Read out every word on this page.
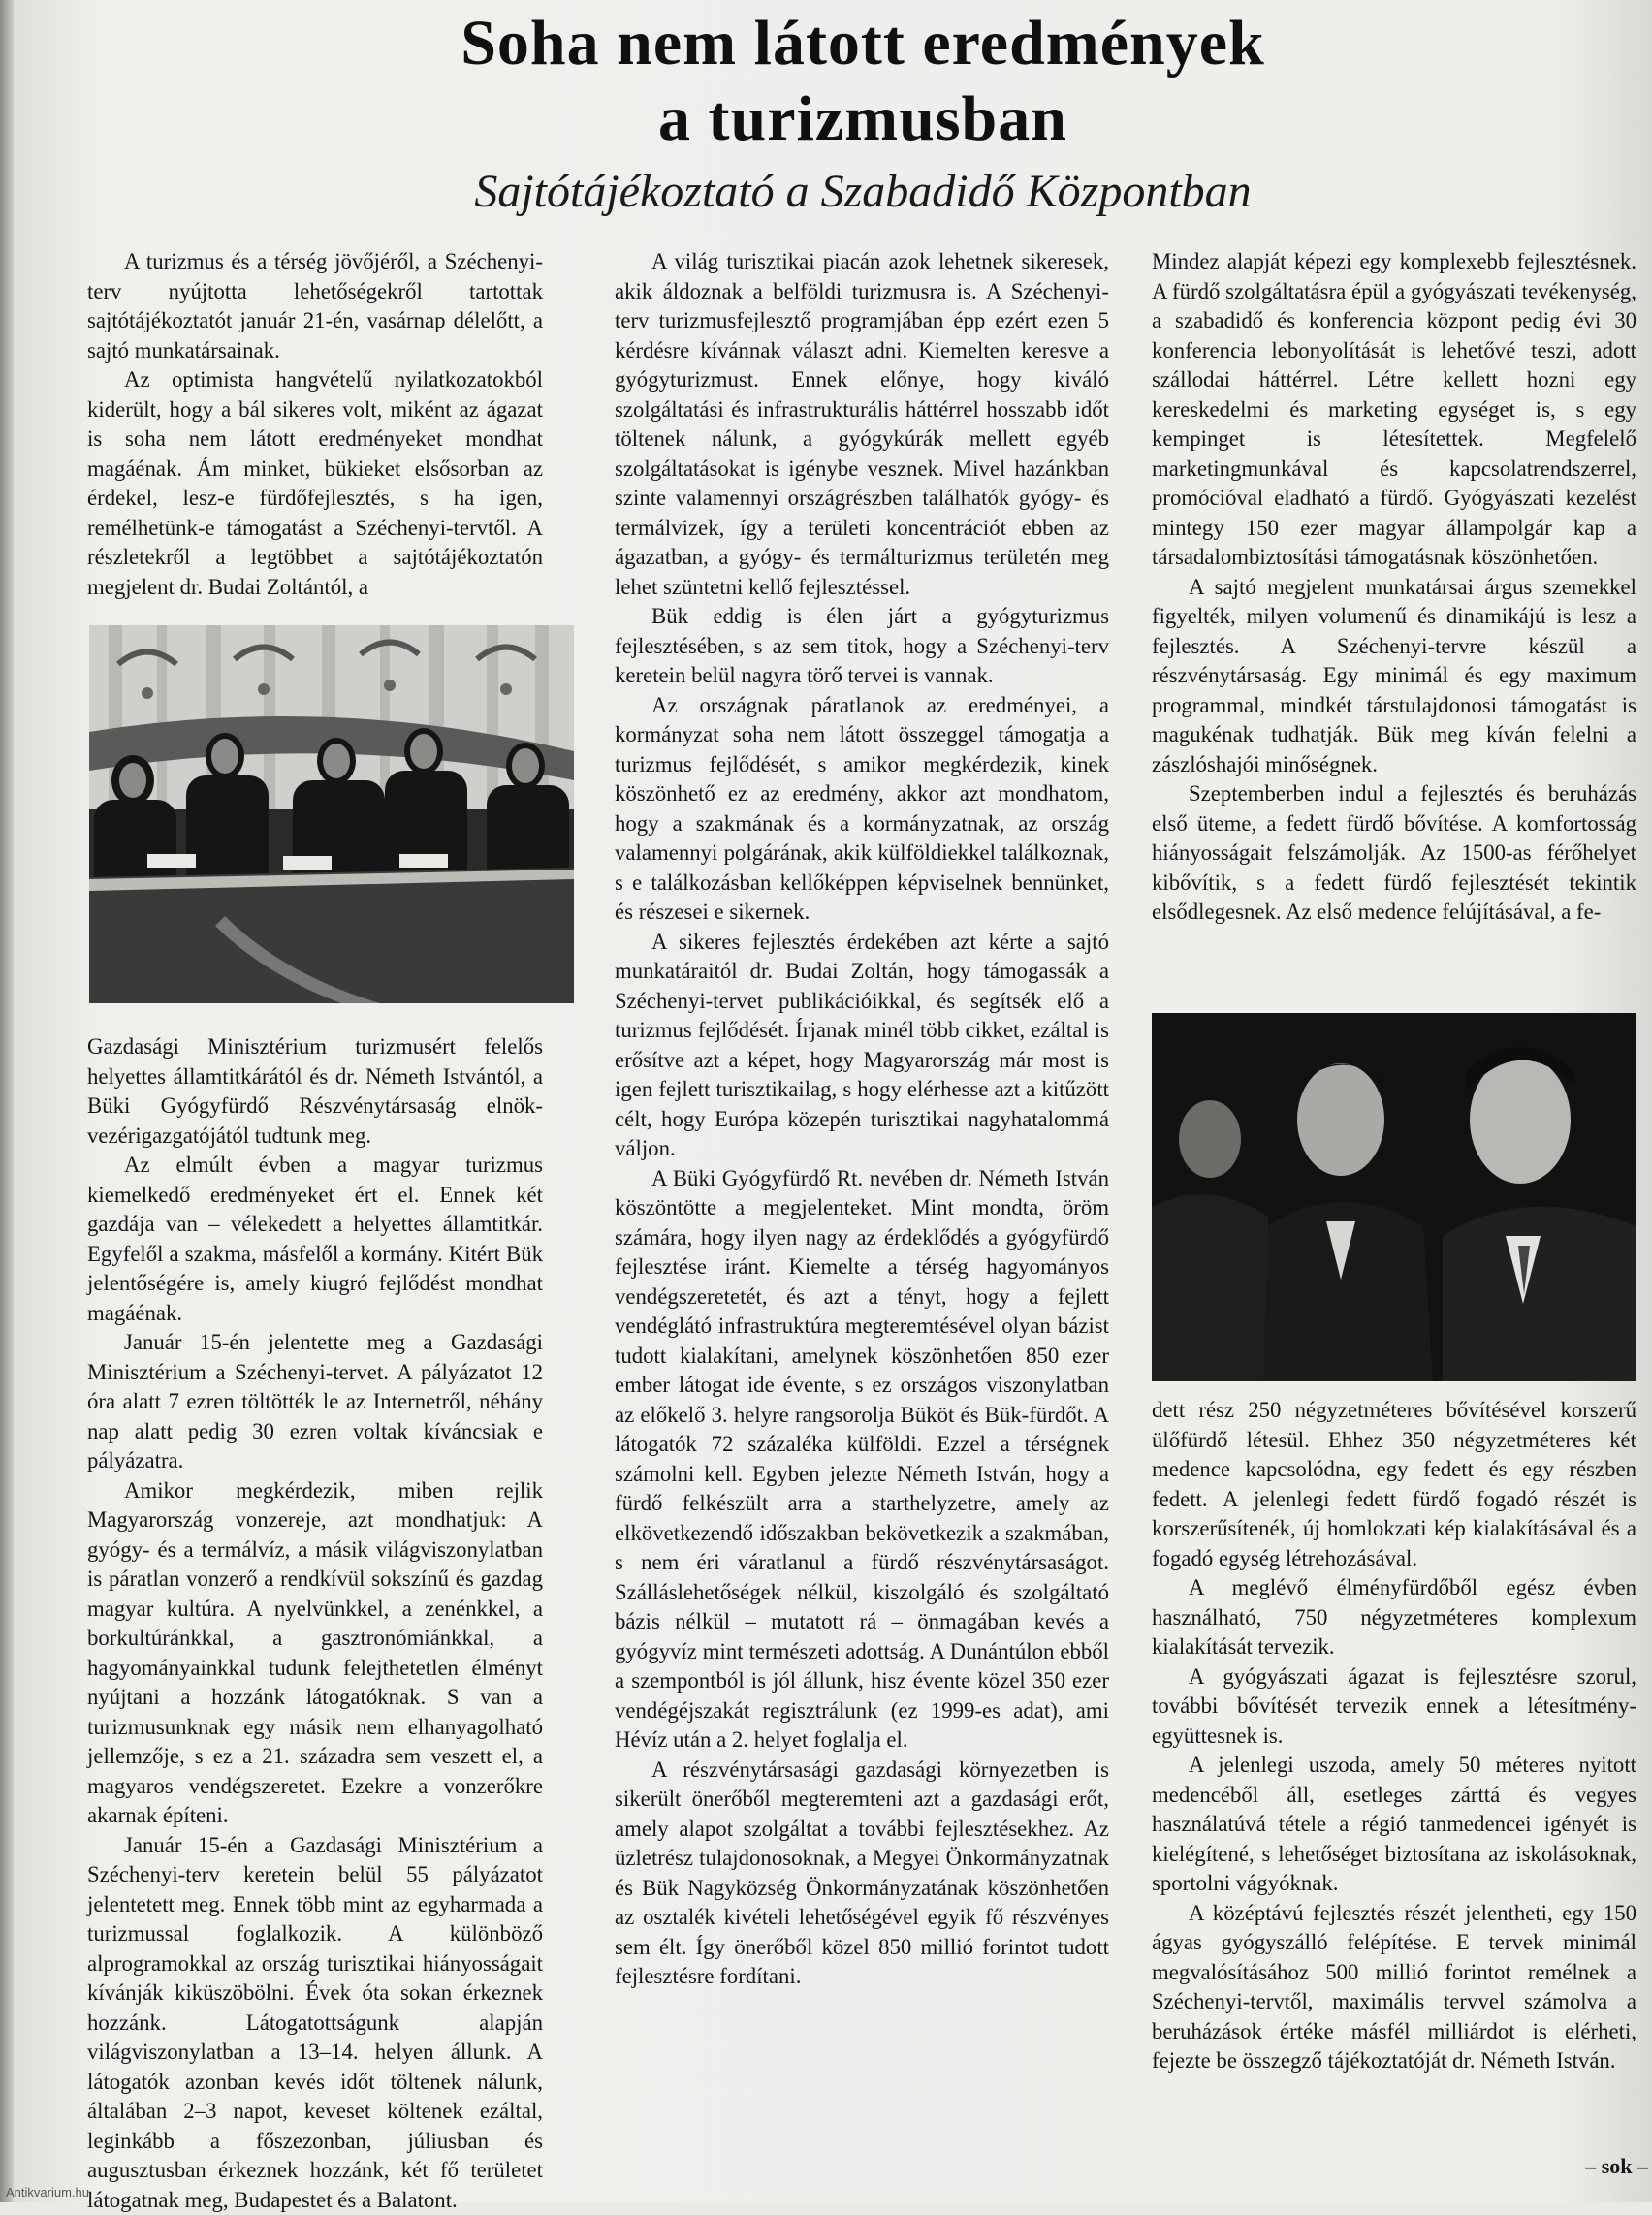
Soha nem látott eredmények
a turizmusban
Sajtótájékoztató a Szabadidő Központban

A turizmus és a térség jövőjéről, a Széchenyi-terv nyújtotta lehetőségekről tartottak sajtótájékoztatót január 21-én, vasárnap délelőtt, a sajtó munkatársainak.

Az optimista hangvételű nyilatkozatokból kiderült, hogy a bál sikeres volt, miként az ágazat is soha nem látott eredményeket mondhat magáénak. Ám minket, bükieket elsősorban az érdekel, lesz-e fürdőfejlesztés, s ha igen, remélhetünk-e támogatást a Széchenyi-tervtől. A részletekről a legtöbbet a sajtótájékoztatón megjelent dr. Budai Zoltántól, a

Gazdasági Minisztérium turizmusért felelős helyettes államtitkárától és dr. Németh Istvántól, a Büki Gyógyfürdő Részvénytársaság elnök-vezérigazgatójától tudtunk meg.

Az elmúlt évben a magyar turizmus kiemelkedő eredményeket ért el. Ennek két gazdája van – vélekedett a helyettes államtitkár. Egyfelől a szakma, másfelől a kormány. Kitért Bük jelentőségére is, amely kiugró fejlődést mondhat magáénak.

Január 15-én jelentette meg a Gazdasági Minisztérium a Széchenyi-tervet. A pályázatot 12 óra alatt 7 ezren töltötték le az Internetről, néhány nap alatt pedig 30 ezren voltak kíváncsiak e pályázatra.

Amikor megkérdezik, miben rejlik Magyarország vonzereje, azt mondhatjuk: A gyógy- és a termálvíz, a másik világviszonylatban is páratlan vonzerő a rendkívül sokszínű és gazdag magyar kultúra. A nyelvünkkel, a zenénkkel, a borkultúránkkal, a gasztronómiánkkal, a hagyományainkkal tudunk felejthetetlen élményt nyújtani a hozzánk látogatóknak. S van a turizmusunknak egy másik nem elhanyagolható jellemzője, s ez a 21. századra sem veszett el, a magyaros vendégszeretet. Ezekre a vonzerőkre akarnak építeni.

Január 15-én a Gazdasági Minisztérium a Széchenyi-terv keretein belül 55 pályázatot jelentetett meg. Ennek több mint az egyharmada a turizmussal foglalkozik. A különböző alprogramokkal az ország turisztikai hiányosságait kívánják kiküszöbölni. Évek óta sokan érkeznek hozzánk. Látogatottságunk alapján világviszonylatban a 13–14. helyen állunk. A látogatók azonban kevés időt töltenek nálunk, általában 2–3 napot, keveset költenek ezáltal, leginkább a főszezonban, júliusban és augusztusban érkeznek hozzánk, két fő területet látogatnak meg, Budapestet és a Balatont.

A világ turisztikai piacán azok lehetnek sikeresek, akik áldoznak a belföldi turizmusra is. A Széchenyi-terv turizmusfejlesztő programjában épp ezért ezen 5 kérdésre kívánnak választ adni. Kiemelten keresve a gyógyturizmust. Ennek előnye, hogy kiváló szolgáltatási és infrastrukturális háttérrel hosszabb időt töltenek nálunk, a gyógykúrák mellett egyéb szolgáltatásokat is igénybe vesznek. Mivel hazánkban szinte valamennyi országrészben találhatók gyógy- és termálvizek, így a területi koncentrációt ebben az ágazatban, a gyógy- és termálturizmus területén meg lehet szüntetni kellő fejlesztéssel.

Bük eddig is élen járt a gyógyturizmus fejlesztésében, s az sem titok, hogy a Széchenyi-terv keretein belül nagyra törő tervei is vannak.

Az országnak páratlanok az eredményei, a kormányzat soha nem látott összeggel támogatja a turizmus fejlődését, s amikor megkérdezik, kinek köszönhető ez az eredmény, akkor azt mondhatom, hogy a szakmának és a kormányzatnak, az ország valamennyi polgárának, akik külföldiekkel találkoznak, s e találkozásban kellőképpen képviselnek bennünket, és részesei e sikernek.

A sikeres fejlesztés érdekében azt kérte a sajtó munkatáraitól dr. Budai Zoltán, hogy támogassák a Széchenyi-tervet publikációikkal, és segítsék elő a turizmus fejlődését. Írjanak minél több cikket, ezáltal is erősítve azt a képet, hogy Magyarország már most is igen fejlett turisztikailag, s hogy elérhesse azt a kitűzött célt, hogy Európa közepén turisztikai nagyhatalommá váljon.

A Büki Gyógyfürdő Rt. nevében dr. Németh István köszöntötte a megjelenteket. Mint mondta, öröm számára, hogy ilyen nagy az érdeklődés a gyógyfürdő fejlesztése iránt. Kiemelte a térség hagyományos vendégszeretetét, és azt a tényt, hogy a fejlett vendéglátó infrastruktúra megteremtésével olyan bázist tudott kialakítani, amelynek köszönhetően 850 ezer ember látogat ide évente, s ez országos viszonylatban az előkelő 3. helyre rangsorolja Büköt és Bük-fürdőt. A látogatók 72 százaléka külföldi. Ezzel a térségnek számolni kell. Egyben jelezte Németh István, hogy a fürdő felkészült arra a starthelyzetre, amely az elkövetkezendő időszakban bekövetkezik a szakmában, s nem éri váratlanul a fürdő részvénytársaságot. Szálláslehetőségek nélkül, kiszolgáló és szolgáltató bázis nélkül – mutatott rá – önmagában kevés a gyógyvíz mint természeti adottság. A Dunántúlon ebből a szempontból is jól állunk, hisz évente közel 350 ezer vendégéjszakát regisztrálunk (ez 1999-es adat), ami Hévíz után a 2. helyet foglalja el.

A részvénytársasági gazdasági környezetben is sikerült önerőből megteremteni azt a gazdasági erőt, amely alapot szolgáltat a további fejlesztésekhez. Az üzletrész tulajdonosoknak, a Megyei Önkormányzatnak és Bük Nagyközség Önkormányzatának köszönhetően az osztalék kivételi lehetőségével egyik fő részvényes sem élt. Így önerőből közel 850 millió forintot tudott fejlesztésre fordítani.

Mindez alapját képezi egy komplexebb fejlesztésnek. A fürdő szolgáltatásra épül a gyógyászati tevékenység, a szabadidő és konferencia központ pedig évi 30 konferencia lebonyolítását is lehetővé teszi, adott szállodai háttérrel. Létre kellett hozni egy kereskedelmi és marketing egységet is, s egy kempinget is létesítettek. Megfelelő marketingmunkával és kapcsolatrendszerrel, promócióval eladható a fürdő. Gyógyászati kezelést mintegy 150 ezer magyar állampolgár kap a társadalombiztosítási támogatásnak köszönhetően.

A sajtó megjelent munkatársai árgus szemekkel figyelték, milyen volumenű és dinamikájú is lesz a fejlesztés. A Széchenyi-tervre készül a részvénytársaság. Egy minimál és egy maximum programmal, mindkét társtulajdonosi támogatást is magukénak tudhatják. Bük meg kíván felelni a zászlóshajói minőségnek.

Szeptemberben indul a fejlesztés és beruházás első üteme, a fedett fürdő bővítése. A komfortosság hiányosságait felszámolják. Az 1500-as férőhelyet kibővítik, s a fedett fürdő fejlesztését tekintik elsődlegesnek. Az első medence felújításával, a fe-

dett rész 250 négyzetméteres bővítésével korszerű ülőfürdő létesül. Ehhez 350 négyzetméteres két medence kapcsolódna, egy fedett és egy részben fedett. A jelenlegi fedett fürdő fogadó részét is korszerűsítenék, új homlokzati kép kialakításával és a fogadó egység létrehozásával.

A meglévő élményfürdőből egész évben használható, 750 négyzetméteres komplexum kialakítását tervezik.

A gyógyászati ágazat is fejlesztésre szorul, további bővítését tervezik ennek a létesítmény-együttesnek is.

A jelenlegi uszoda, amely 50 méteres nyitott medencéből áll, esetleges zárttá és vegyes használatúvá tétele a régió tanmedencei igényét is kielégítené, s lehetőséget biztosítana az iskolásoknak, sportolni vágyóknak.

A középtávú fejlesztés részét jelentheti, egy 150 ágyas gyógyszálló felépítése. E tervek minimál megvalósításához 500 millió forintot remélnek a Széchenyi-tervtől, maximális tervvel számolva a beruházások értéke másfél milliárdot is elérheti, fejezte be összegző tájékoztatóját dr. Németh István.

– sok –
Antikvarium.hu
